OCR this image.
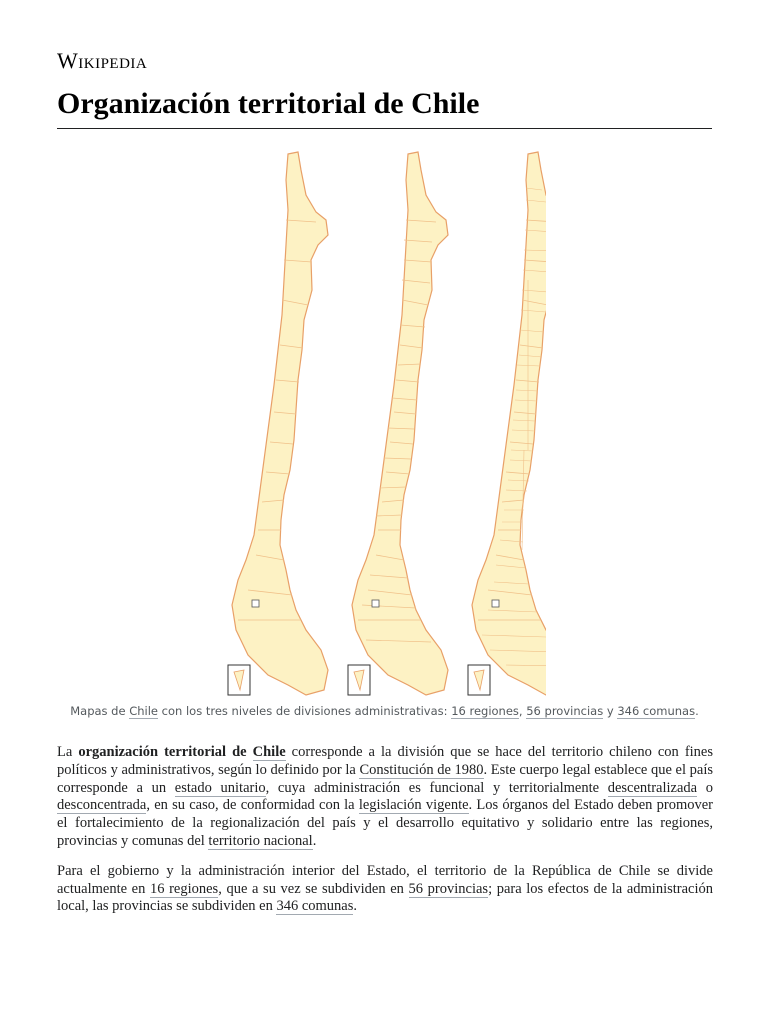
Wikipedia
Organización territorial de Chile
Mapas de Chile con los tres niveles de divisiones administrativas: 16 regiones, 56 provincias y 346 comunas.

La organización territorial de Chile corresponde a la división que se hace del territorio chileno con fines políticos y administrativos, según lo definido por la Constitución de 1980. Este cuerpo legal establece que el país corresponde a un estado unitario, cuya administración es funcional y territorialmente descentralizada o desconcentrada, en su caso, de conformidad con la legislación vigente. Los órganos del Estado deben promover el fortalecimiento de la regionalización del país y el desarrollo equitativo y solidario entre las regiones, provincias y comunas del territorio nacional.

Para el gobierno y la administración interior del Estado, el territorio de la República de Chile se divide actualmente en 16 regiones, que a su vez se subdividen en 56 provincias; para los efectos de la administración local, las provincias se subdividen en 346 comunas.
